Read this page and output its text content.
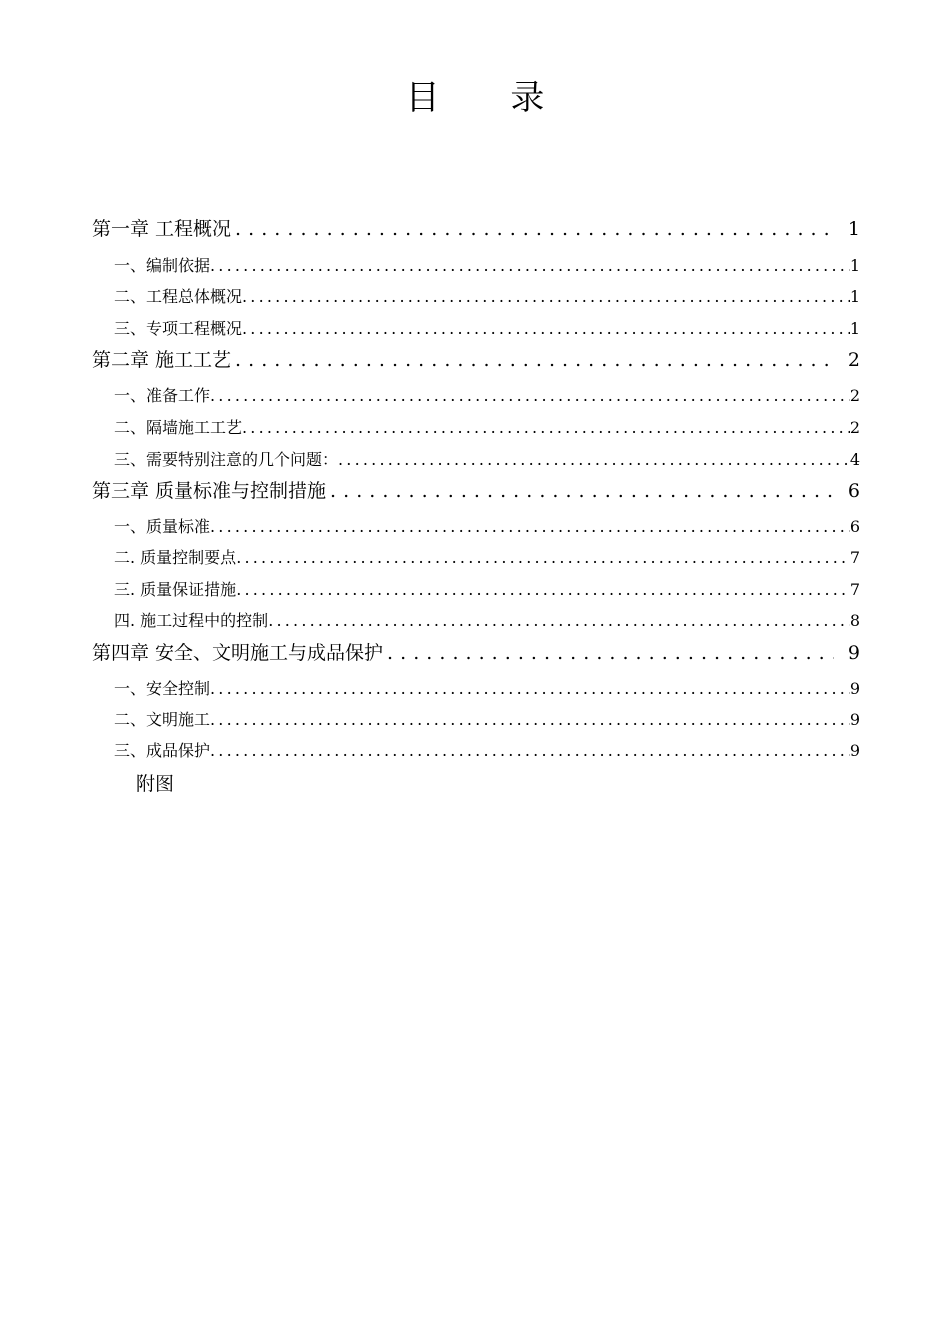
目 录
第一章 工程概况 . . .	1
一、编制依据 .....	1
二、工程总体概况 .....	1
三、专项工程概况 .....	1
第二章 施工工艺 . . .	2
一、准备工作 .....	2
二、隔墙施工工艺 .....	2
三、需要特别注意的几个问题： .....	4
第三章 质量标准与控制措施 . . .	6
一、质量标准 .....	6
二. 质量控制要点 .....	7
三. 质量保证措施 .....	7
四. 施工过程中的控制 .....	8
第四章 安全、文明施工与成品保护 . . .	9
一、安全控制 .....	9
二、文明施工 .....	9
三、成品保护 .....	9
附图
